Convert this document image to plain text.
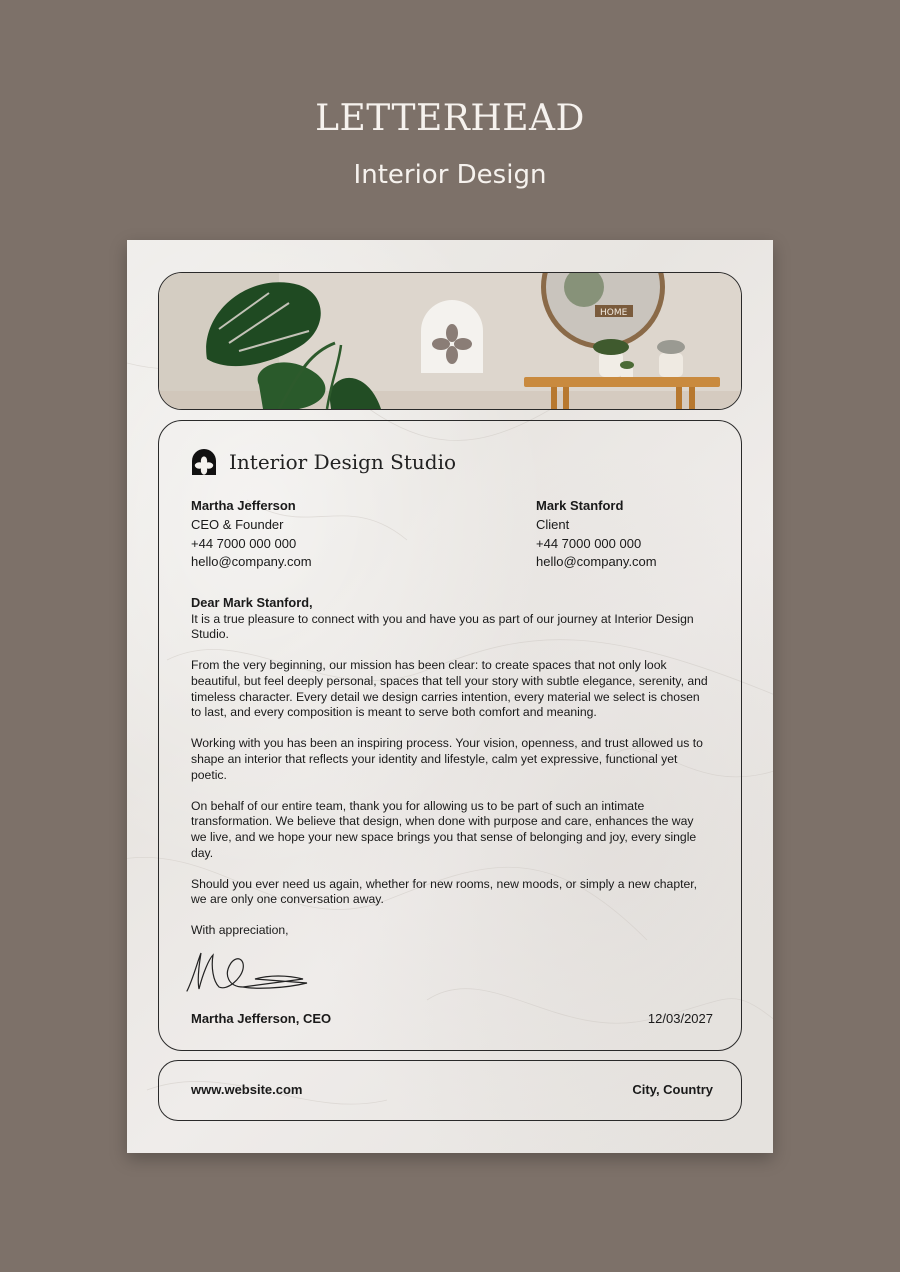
LETTERHEAD
Interior Design
HOME
Interior Design Studio
Martha Jefferson
CEO & Founder
+44 7000 000 000
hello@company.com
Mark Stanford
Client
+44 7000 000 000
hello@company.com

Dear Mark Stanford,

It is a true pleasure to connect with you and have you as part of our journey at Interior Design Studio.

From the very beginning, our mission has been clear: to create spaces that not only look beautiful, but feel deeply personal, spaces that tell your story with subtle elegance, serenity, and timeless character. Every detail we design carries intention, every material we select is chosen to last, and every composition is meant to serve both comfort and meaning.

Working with you has been an inspiring process. Your vision, openness, and trust allowed us to shape an interior that reflects your identity and lifestyle, calm yet expressive, functional yet poetic.

On behalf of our entire team, thank you for allowing us to be part of such an intimate transformation. We believe that design, when done with purpose and care, enhances the way we live, and we hope your new space brings you that sense of belonging and joy, every single day.

Should you ever need us again, whether for new rooms, new moods, or simply a new chapter, we are only one conversation away.

With appreciation,

Martha Jefferson, CEO	12/03/2027
www.website.com	City, Country
